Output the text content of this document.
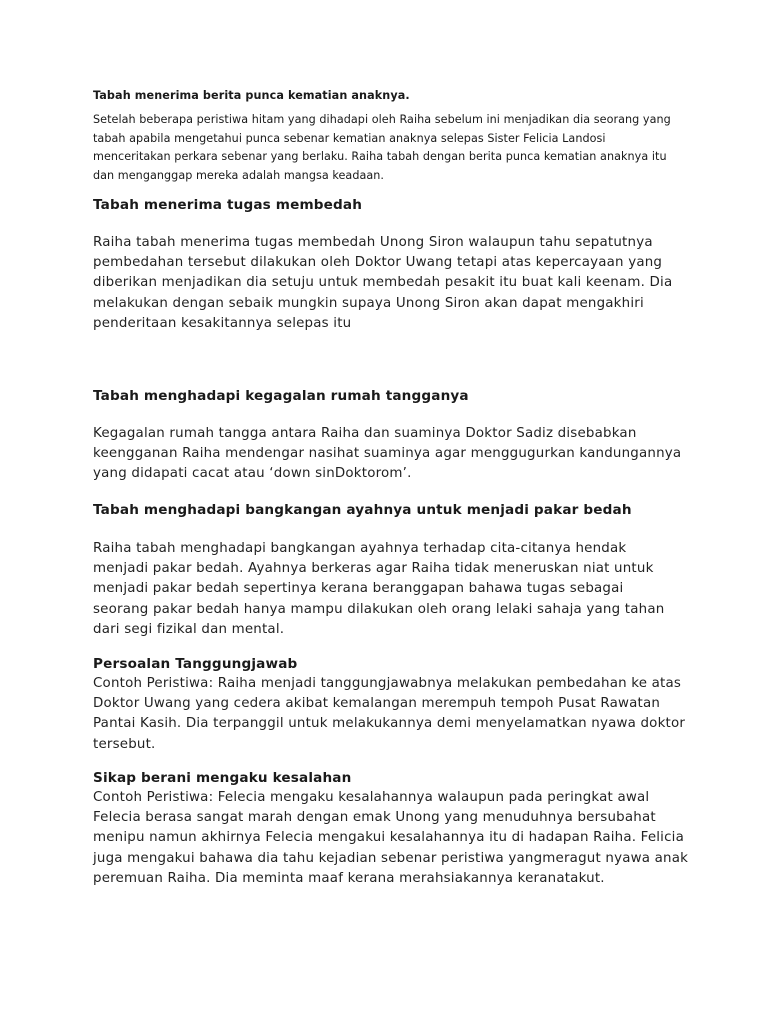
Tabah menerima berita punca kematian anaknya.
Setelah beberapa peristiwa hitam yang dihadapi oleh Raiha sebelum ini menjadikan dia seorang yang tabah apabila mengetahui punca sebenar kematian anaknya selepas Sister Felicia Landosi menceritakan perkara sebenar yang berlaku. Raiha tabah dengan berita punca kematian anaknya itu dan menganggap mereka adalah mangsa keadaan.
Tabah menerima tugas membedah
Raiha tabah menerima tugas membedah Unong Siron walaupun tahu sepatutnya pembedahan tersebut dilakukan oleh Doktor Uwang tetapi atas kepercayaan yang diberikan menjadikan dia setuju untuk membedah pesakit itu buat kali keenam. Dia melakukan dengan sebaik mungkin supaya Unong Siron akan dapat mengakhiri penderitaan kesakitannya selepas itu
Tabah menghadapi kegagalan rumah tangganya
Kegagalan rumah tangga antara Raiha dan suaminya Doktor Sadiz disebabkan keengganan Raiha mendengar nasihat suaminya agar menggugurkan kandungannya yang didapati cacat atau ‘down sinDoktorom’.
Tabah menghadapi bangkangan ayahnya untuk menjadi pakar bedah
Raiha tabah menghadapi bangkangan ayahnya terhadap cita-citanya hendak menjadi pakar bedah. Ayahnya berkeras agar Raiha tidak meneruskan niat untuk menjadi pakar bedah sepertinya kerana beranggapan bahawa tugas sebagai seorang pakar bedah hanya mampu dilakukan oleh orang lelaki sahaja yang tahan dari segi fizikal dan mental.
Persoalan Tanggungjawab
Contoh Peristiwa: Raiha menjadi tanggungjawabnya melakukan pembedahan ke atas Doktor Uwang yang cedera akibat kemalangan merempuh tempoh Pusat Rawatan Pantai Kasih. Dia terpanggil untuk melakukannya demi menyelamatkan nyawa doktor tersebut.
Sikap berani mengaku kesalahan
Contoh Peristiwa: Felecia mengaku kesalahannya walaupun pada peringkat awal Felecia berasa sangat marah dengan emak Unong yang menuduhnya bersubahat menipu namun akhirnya Felecia mengakui kesalahannya itu di hadapan Raiha. Felicia juga mengakui bahawa dia tahu kejadian sebenar peristiwa yangmeragut nyawa anak peremuan Raiha. Dia meminta maaf kerana merahsiakannya keranatakut.
